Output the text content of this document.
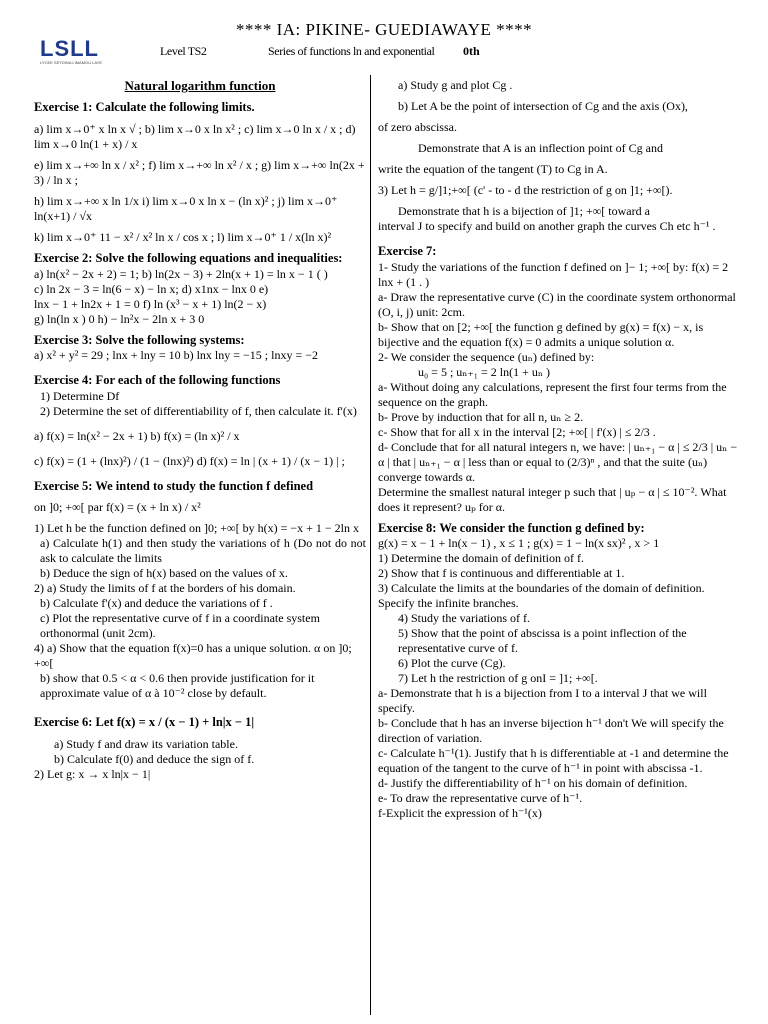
**** IA: PIKINE- GUEDIAWAYE ****
LSLL
LYCEE SEYDINA LIMAMOU LAYE
Level TS2	Series of functions ln and exponential 0th
Natural logarithm function
Exercise 1: Calculate the following limits.
a) lim x→0⁺ x ln x √ ; b) lim x→0 x ln x² ; c) lim x→0 ln x / x ; d) lim x→0 ln(1 + x) / x
e) lim x→+∞ ln x / x² ; f) lim x→+∞ ln x² / x ; g) lim x→+∞ ln(2x + 3) / ln x ;
h) lim x→+∞ x ln 1/x i) lim x→0 x ln x − (ln x)² ; j) lim x→0⁺ ln(x+1) / √x
k) lim x→0⁺ 11 − x² / x² ln x / cos x ; l) lim x→0⁺ 1 / x(ln x)²
Exercise 2: Solve the following equations and inequalities:
a) ln(x² − 2x + 2) = 1; b) ln(2x − 3) + 2ln(x + 1) = ln x − 1 ( )
c) ln 2x − 3 = ln(6 − x) − ln x; d) x1nx − lnx 0 e)
lnx − 1 + ln2x + 1 = 0 f) ln (x³ − x + 1) ln(2 − x)
g) ln(ln x ) 0 h) − ln²x − 2ln x + 3 0
Exercise 3: Solve the following systems:
a) x² + y² = 29 ; lnx + lny = 10 b) lnx lny = −15 ; lnxy = −2
Exercise 4: For each of the following functions
1) Determine Df
2) Determine the set of differentiability of f, then calculate it. f'(x)
a) f(x) = ln(x² − 2x + 1) b) f(x) = (ln x)² / x
c) f(x) = (1 + (lnx)²) / (1 − (lnx)²) d) f(x) = ln | (x + 1) / (x − 1) | ;
Exercise 5: We intend to study the function f defined
on ]0; +∞[ par f(x) = (x + ln x) / x²
1) Let h be the function defined on ]0; +∞[ by h(x) = −x + 1 − 2ln x
a) Calculate h(1) and then study the variations of h (Do not do not ask to calculate the limits
b) Deduce the sign of h(x) based on the values of x.
2) a) Study the limits of f at the borders of his domain.
b) Calculate f'(x) and deduce the variations of f .
c) Plot the representative curve of f in a coordinate system orthonormal (unit 2cm).
4) a) Show that the equation f(x)=0 has a unique solution. α on ]0; +∞[
b) show that 0.5 < α < 0.6 then provide justification for it approximate value of α à 10⁻² close by default.
Exercise 6: Let f(x) = x / (x − 1) + ln|x − 1|
a) Study f and draw its variation table.
b) Calculate f(0) and deduce the sign of f.
2) Let g: x → x ln|x − 1|
a) Study g and plot Cg .
b) Let A be the point of intersection of Cg and the axis (Ox),
of zero abscissa.
Demonstrate that A is an inflection point of Cg and
write the equation of the tangent (T) to Cg in A.
3) Let h = g/]1;+∞[ (c' - to - d the restriction of g on ]1; +∞[).
Demonstrate that h is a bijection of ]1; +∞[ toward a
interval J to specify and build on another graph the curves Ch etc h⁻¹ .
Exercise 7:
1- Study the variations of the function f defined on ]− 1; +∞[ by: f(x) = 2 lnx + (1 . )
a- Draw the representative curve (C) in the coordinate system orthonormal (O, i, j) unit: 2cm.
b- Show that on [2; +∞[ the function g defined by g(x) = f(x) − x, is bijective and the equation f(x) = 0 admits a unique solution α.
2- We consider the sequence (uₙ) defined by:
u₀ = 5 ; uₙ₊₁ = 2 ln(1 + uₙ )
a- Without doing any calculations, represent the first four terms from the sequence on the graph.
b- Prove by induction that for all n, uₙ ≥ 2.
c- Show that for all x in the interval [2; +∞[ | f'(x) | ≤ 2/3 .
d- Conclude that for all natural integers n, we have: | uₙ₊₁ − α | ≤ 2/3 | uₙ − α | that | uₙ₊₁ − α | less than or equal to (2/3)ⁿ , and that the suite (uₙ) converge towards α.
Determine the smallest natural integer p such that | uₚ − α | ≤ 10⁻². What does it represent? uₚ for α.
Exercise 8: We consider the function g defined by:
g(x) = x − 1 + ln(x − 1) , x ≤ 1 ; g(x) = 1 − ln(x sx)² , x > 1
1) Determine the domain of definition of f.
2) Show that f is continuous and differentiable at 1.
3) Calculate the limits at the boundaries of the domain of definition. Specify the infinite branches.
4) Study the variations of f.
5) Show that the point of abscissa is a point inflection of the representative curve of f.
6) Plot the curve (Cg).
7) Let h the restriction of g onI = ]1; +∞[.
a- Demonstrate that h is a bijection from I to a interval J that we will specify.
b- Conclude that h has an inverse bijection h⁻¹ don't We will specify the direction of variation.
c- Calculate h⁻¹(1). Justify that h is differentiable at -1 and determine the equation of the tangent to the curve of h⁻¹ in point with abscissa -1.
d- Justify the differentiability of h⁻¹ on his domain of definition.
e- To draw the representative curve of h⁻¹.
f-Explicit the expression of h⁻¹(x)
